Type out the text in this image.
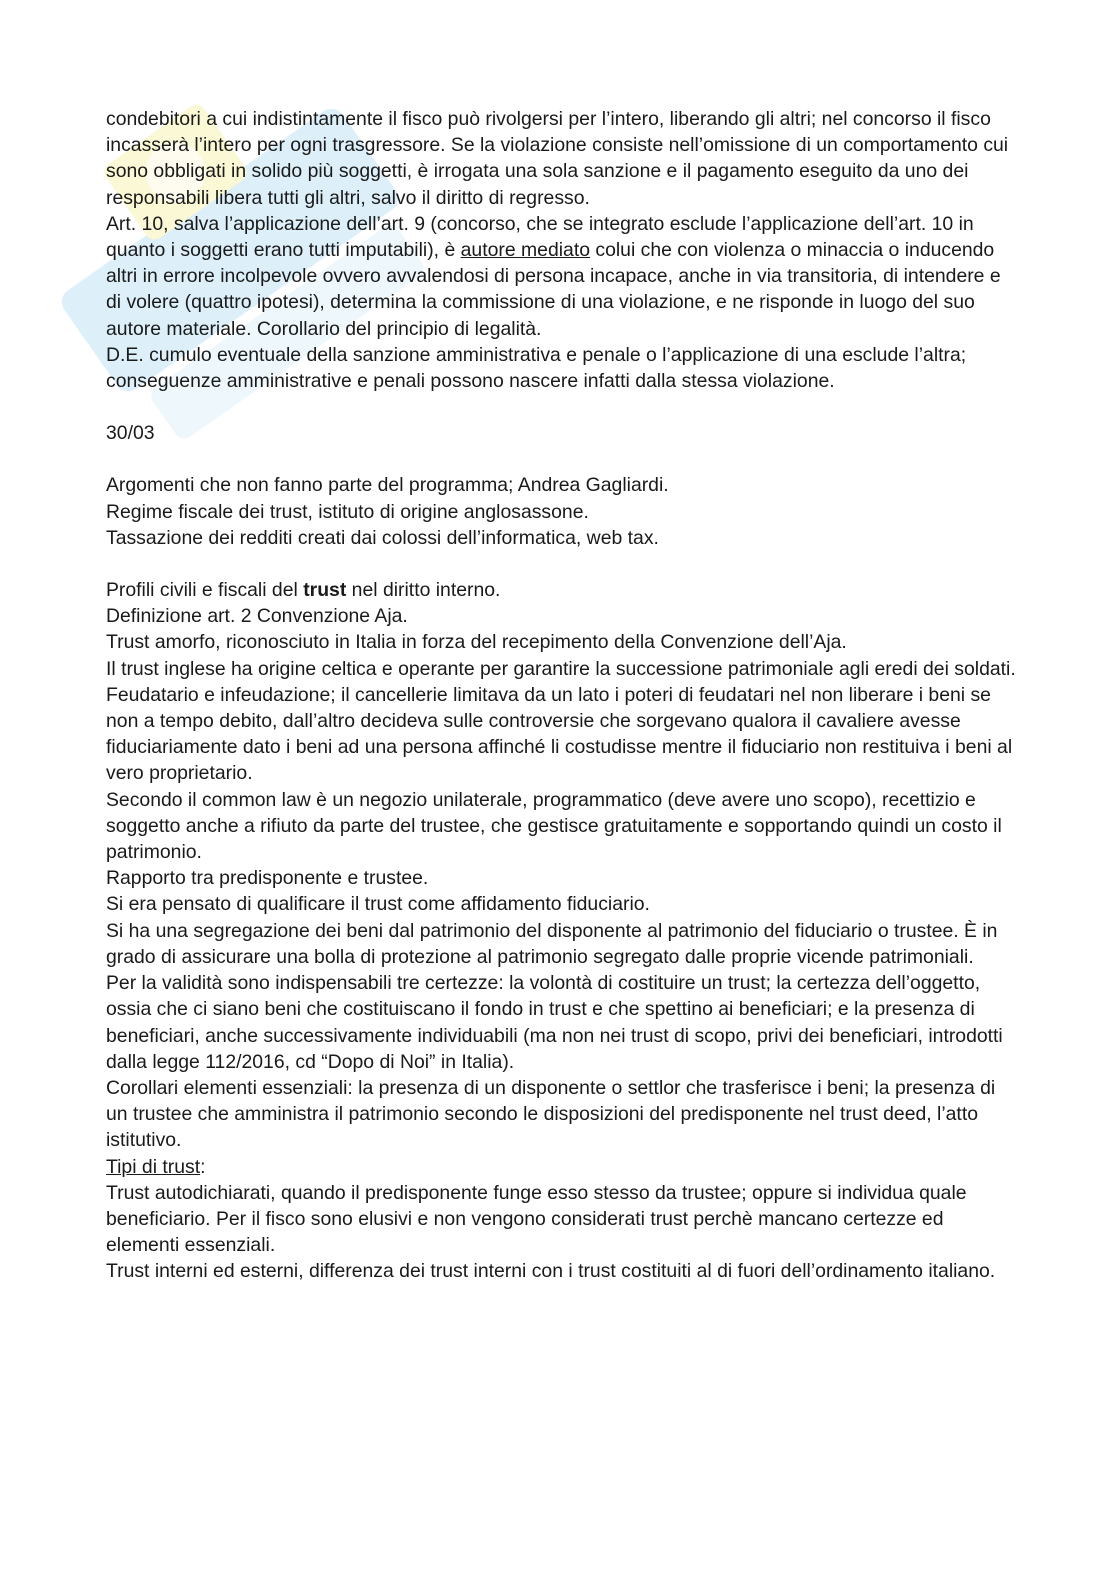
condebitori a cui indistintamente il fisco può rivolgersi per l’intero, liberando gli altri; nel concorso il fisco incasserà l’intero per ogni trasgressore. Se la violazione consiste nell’omissione di un comportamento cui sono obbligati in solido più soggetti, è irrogata una sola sanzione e il pagamento eseguito da uno dei responsabili libera tutti gli altri, salvo il diritto di regresso.

Art. 10, salva l’applicazione dell’art. 9 (concorso, che se integrato esclude l’applicazione dell’art. 10 in quanto i soggetti erano tutti imputabili), è autore mediato colui che con violenza o minaccia o inducendo altri in errore incolpevole ovvero avvalendosi di persona incapace, anche in via transitoria, di intendere e di volere (quattro ipotesi), determina la commissione di una violazione, e ne risponde in luogo del suo autore materiale. Corollario del principio di legalità.

D.E. cumulo eventuale della sanzione amministrativa e penale o l’applicazione di una esclude l’altra; conseguenze amministrative e penali possono nascere infatti dalla stessa violazione.

30/03

Argomenti che non fanno parte del programma; Andrea Gagliardi.

Regime fiscale dei trust, istituto di origine anglosassone.

Tassazione dei redditi creati dai colossi dell’informatica, web tax.

Profili civili e fiscali del trust nel diritto interno.

Definizione art. 2 Convenzione Aja.

Trust amorfo, riconosciuto in Italia in forza del recepimento della Convenzione dell’Aja.

Il trust inglese ha origine celtica e operante per garantire la successione patrimoniale agli eredi dei soldati. Feudatario e infeudazione; il cancellerie limitava da un lato i poteri di feudatari nel non liberare i beni se non a tempo debito, dall’altro decideva sulle controversie che sorgevano qualora il cavaliere avesse fiduciariamente dato i beni ad una persona affinché li costudisse mentre il fiduciario non restituiva i beni al vero proprietario.

Secondo il common law è un negozio unilaterale, programmatico (deve avere uno scopo), recettizio e soggetto anche a rifiuto da parte del trustee, che gestisce gratuitamente e sopportando quindi un costo il patrimonio.

Rapporto tra predisponente e trustee.

Si era pensato di qualificare il trust come affidamento fiduciario.

Si ha una segregazione dei beni dal patrimonio del disponente al patrimonio del fiduciario o trustee. È in grado di assicurare una bolla di protezione al patrimonio segregato dalle proprie vicende patrimoniali.

Per la validità sono indispensabili tre certezze: la volontà di costituire un trust; la certezza dell’oggetto, ossia che ci siano beni che costituiscano il fondo in trust e che spettino ai beneficiari; e la presenza di beneficiari, anche successivamente individuabili (ma non nei trust di scopo, privi dei beneficiari, introdotti dalla legge 112/2016, cd “Dopo di Noi” in Italia).

Corollari elementi essenziali: la presenza di un disponente o settlor che trasferisce i beni; la presenza di un trustee che amministra il patrimonio secondo le disposizioni del predisponente nel trust deed, l’atto istitutivo.

Tipi di trust:

Trust autodichiarati, quando il predisponente funge esso stesso da trustee; oppure si individua quale beneficiario. Per il fisco sono elusivi e non vengono considerati trust perchè mancano certezze ed elementi essenziali.

Trust interni ed esterni, differenza dei trust interni con i trust costituiti al di fuori dell’ordinamento italiano.
